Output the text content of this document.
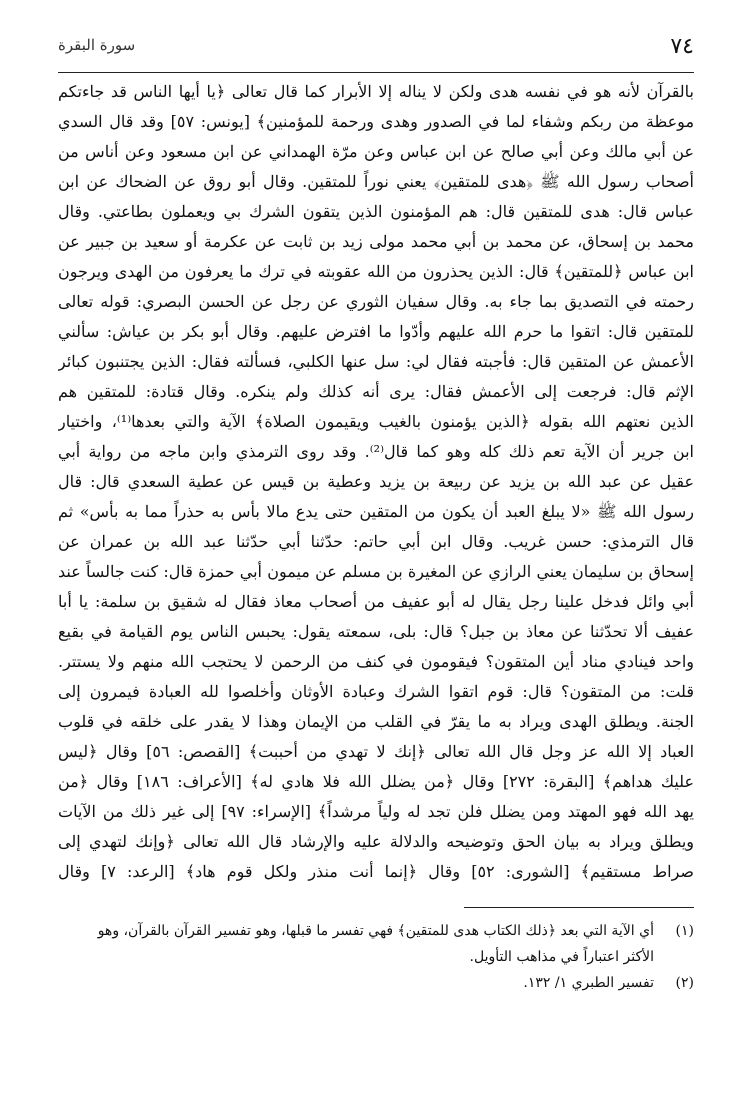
٧٤
سورة البقرة
بالقرآن لأنه هو في نفسه هدى ولكن لا يناله إلا الأبرار كما قال تعالى ﴿يا أيها الناس قد جاءتكم
موعظة من ربكم وشفاء لما في الصدور وهدى ورحمة للمؤمنين﴾ [يونس: ٥٧] وقد قال السدي
عن أبي مالك وعن أبي صالح عن ابن عباس وعن مرّة الهمداني عن ابن مسعود وعن أناس من
أصحاب رسول الله ﷺ ﴿هدى للمتقين﴾ يعني نوراً للمتقين. وقال أبو روق عن الضحاك عن ابن
عباس قال: هدى للمتقين قال: هم المؤمنون الذين يتقون الشرك بي ويعملون بطاعتي. وقال
محمد بن إسحاق، عن محمد بن أبي محمد مولى زيد بن ثابت عن عكرمة أو سعيد بن جبير عن
ابن عباس ﴿للمتقين﴾ قال: الذين يحذرون من الله عقوبته في ترك ما يعرفون من الهدى ويرجون
رحمته في التصديق بما جاء به. وقال سفيان الثوري عن رجل عن الحسن البصري: قوله تعالى
للمتقين قال: اتقوا ما حرم الله عليهم وأدّوا ما افترض عليهم. وقال أبو بكر بن عياش: سألني
الأعمش عن المتقين قال: فأجبته فقال لي: سل عنها الكلبي، فسألته فقال: الذين يجتنبون كبائر
الإثم قال: فرجعت إلى الأعمش فقال: يرى أنه كذلك ولم ينكره. وقال قتادة: للمتقين هم
الذين نعتهم الله بقوله ﴿الذين يؤمنون بالغيب ويقيمون الصلاة﴾ الآية والتي بعدها⁽¹⁾، واختيار
ابن جرير أن الآية تعم ذلك كله وهو كما قال⁽²⁾. وقد روى الترمذي وابن ماجه من رواية أبي
عقيل عن عبد الله بن يزيد عن ربيعة بن يزيد وعطية بن قيس عن عطية السعدي قال: قال
رسول الله ﷺ «لا يبلغ العبد أن يكون من المتقين حتى يدع مالا بأس به حذراً مما به بأس» ثم
قال الترمذي: حسن غريب. وقال ابن أبي حاتم: حدّثنا أبي حدّثنا عبد الله بن عمران عن
إسحاق بن سليمان يعني الرازي عن المغيرة بن مسلم عن ميمون أبي حمزة قال: كنت جالساً عند
أبي وائل فدخل علينا رجل يقال له أبو عفيف من أصحاب معاذ فقال له شقيق بن سلمة: يا أبا
عفيف ألا تحدّثنا عن معاذ بن جبل؟ قال: بلى، سمعته يقول: يحبس الناس يوم القيامة في بقيع
واحد فينادي مناد أين المتقون؟ فيقومون في كنف من الرحمن لا يحتجب الله منهم ولا يستتر.
قلت: من المتقون؟ قال: قوم اتقوا الشرك وعبادة الأوثان وأخلصوا لله العبادة فيمرون إلى
الجنة. ويطلق الهدى ويراد به ما يقرّ في القلب من الإيمان وهذا لا يقدر على خلقه في قلوب
العباد إلا الله عز وجل قال الله تعالى ﴿إنك لا تهدي من أحببت﴾ [القصص: ٥٦] وقال ﴿ليس
عليك هداهم﴾ [البقرة: ٢٧٢] وقال ﴿من يضلل الله فلا هادي له﴾ [الأعراف: ١٨٦] وقال ﴿من
يهد الله فهو المهتد ومن يضلل فلن تجد له ولياً مرشداً﴾ [الإسراء: ٩٧] إلى غير ذلك من الآيات
ويطلق ويراد به بيان الحق وتوضيحه والدلالة عليه والإرشاد قال الله تعالى ﴿وإنك لتهدي إلى
صراط مستقيم﴾ [الشورى: ٥٢] وقال ﴿إنما أنت منذر ولكل قوم هاد﴾ [الرعد: ٧] وقال
(١)أي الآية التي بعد ﴿ذلك الكتاب هدى للمتقين﴾ فهي تفسر ما قبلها، وهو تفسير القرآن بالقرآن، وهو
الأكثر اعتباراً في مذاهب التأويل.
(٢)تفسير الطبري ١/ ١٣٢.
